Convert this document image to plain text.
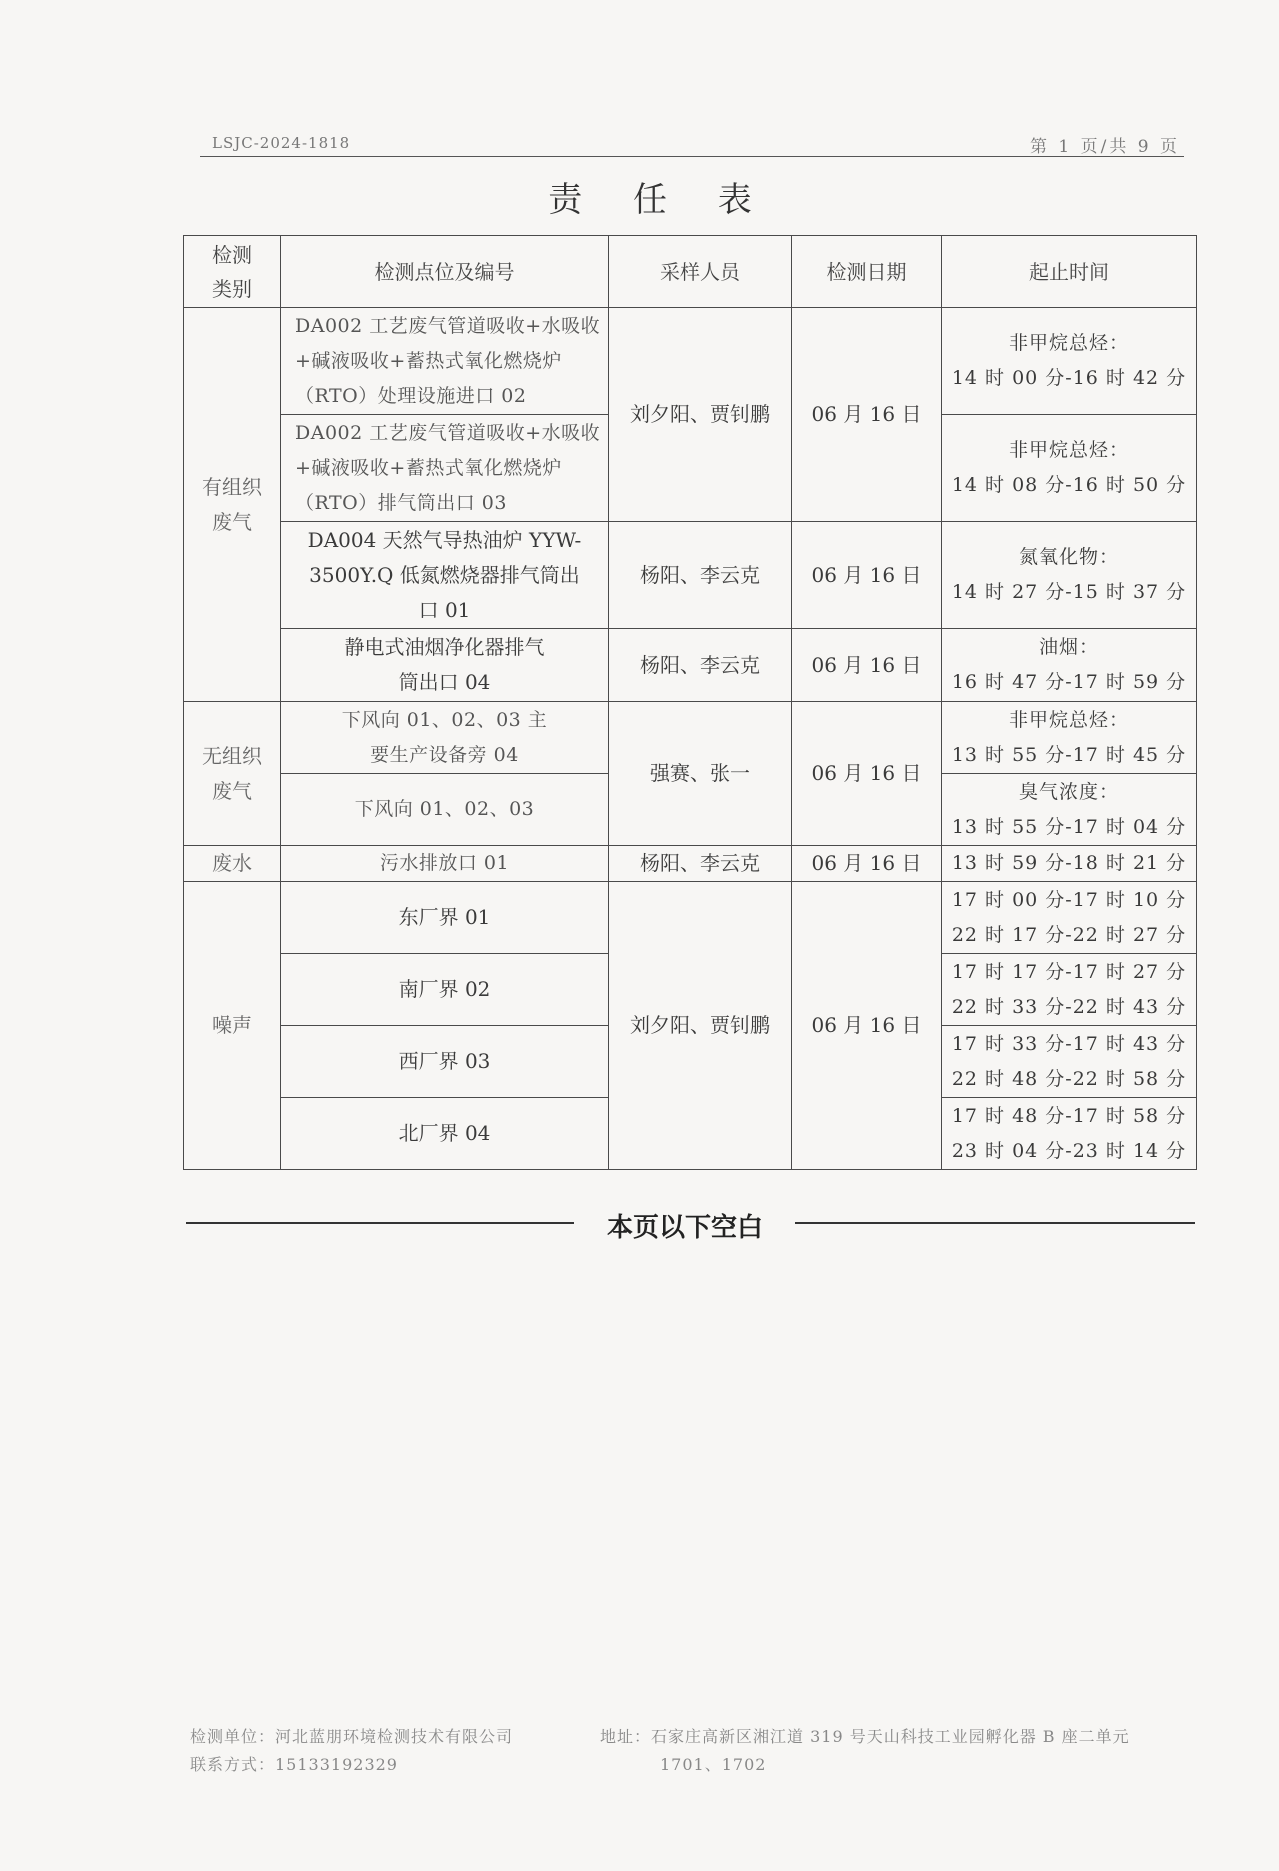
LSJC-2024-1818	第 1 页/共 9 页
责 任 表
检测类别	检测点位及编号	采样人员	检测日期	起止时间
有组织废气	DA002 工艺废气管道吸收+水吸收+碱液吸收+蓄热式氧化燃烧炉（RTO）处理设施进口 02	刘夕阳、贾钊鹏	06 月 16 日	非甲烷总烃：
14 时 00 分-16 时 42 分

	DA002 工艺废气管道吸收+水吸收+碱液吸收+蓄热式氧化燃烧炉（RTO）排气筒出口 03			非甲烷总烃：
14 时 08 分-16 时 50 分

	DA004 天然气导热油炉 YYW-3500Y.Q 低氮燃烧器排气筒出口 01	杨阳、李云克	06 月 16 日	氮氧化物：
14 时 27 分-15 时 37 分

	静电式油烟净化器排气筒出口 04	杨阳、李云克	06 月 16 日	油烟：
16 时 47 分-17 时 59 分

无组织废气	下风向 01、02、03 主要生产设备旁 04	强赛、张一	06 月 16 日	非甲烷总烃：
13 时 55 分-17 时 45 分

	下风向 01、02、03			臭气浓度：
13 时 55 分-17 时 04 分

废水	污水排放口 01	杨阳、李云克	06 月 16 日	13 时 59 分-18 时 21 分
噪声	东厂界 01	刘夕阳、贾钊鹏	06 月 16 日	17 时 00 分-17 时 10 分
22 时 17 分-22 时 27 分

	南厂界 02			17 时 17 分-17 时 27 分
22 时 33 分-22 时 43 分

	西厂界 03			17 时 33 分-17 时 43 分
22 时 48 分-22 时 58 分

	北厂界 04			17 时 48 分-17 时 58 分
23 时 04 分-23 时 14 分
本页以下空白
检测单位：河北蓝朋环境检测技术有限公司
联系方式：15133192329
地址：石家庄高新区湘江道 319 号天山科技工业园孵化器 B 座二单元
1701、1702
